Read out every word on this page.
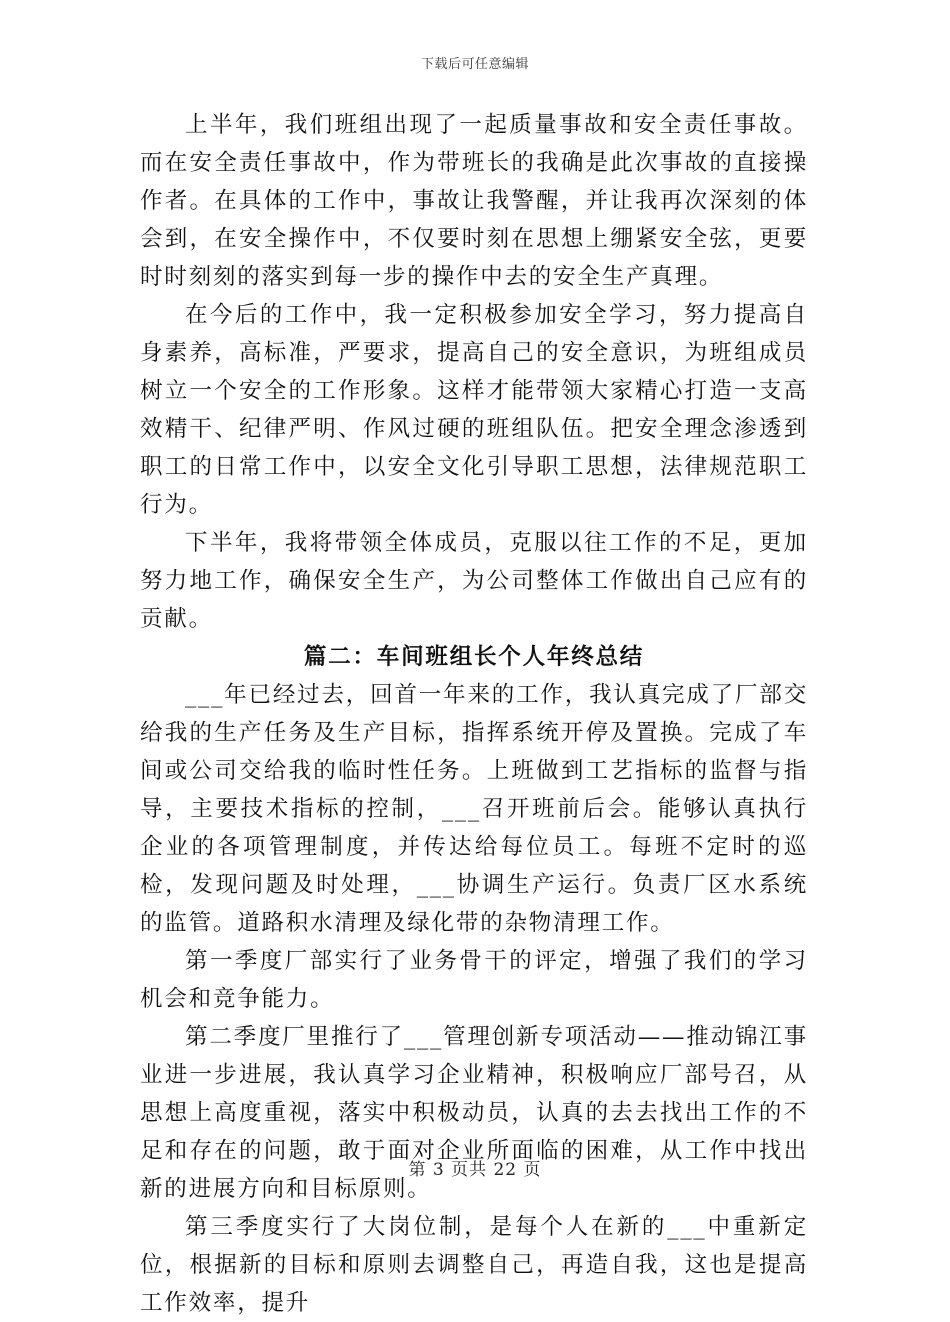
下载后可任意编辑

上半年，我们班组出现了一起质量事故和安全责任事故。而在安全责任事故中，作为带班长的我确是此次事故的直接操作者。在具体的工作中，事故让我警醒，并让我再次深刻的体会到，在安全操作中，不仅要时刻在思想上绷紧安全弦，更要时时刻刻的落实到每一步的操作中去的安全生产真理。

在今后的工作中，我一定积极参加安全学习，努力提高自身素养，高标准，严要求，提高自己的安全意识，为班组成员树立一个安全的工作形象。这样才能带领大家精心打造一支高效精干、纪律严明、作风过硬的班组队伍。把安全理念渗透到职工的日常工作中，以安全文化引导职工思想，法律规范职工行为。

下半年，我将带领全体成员，克服以往工作的不足，更加努力地工作，确保安全生产，为公司整体工作做出自己应有的贡献。

篇二：车间班组长个人年终总结

___年已经过去，回首一年来的工作，我认真完成了厂部交给我的生产任务及生产目标，指挥系统开停及置换。完成了车间或公司交给我的临时性任务。上班做到工艺指标的监督与指导，主要技术指标的控制，___召开班前后会。能够认真执行企业的各项管理制度，并传达给每位员工。每班不定时的巡检，发现问题及时处理，___协调生产运行。负责厂区水系统的监管。道路积水清理及绿化带的杂物清理工作。

第一季度厂部实行了业务骨干的评定，增强了我们的学习机会和竞争能力。

第二季度厂里推行了___管理创新专项活动——推动锦江事业进一步进展，我认真学习企业精神，积极响应厂部号召，从思想上高度重视，落实中积极动员，认真的去去找出工作的不足和存在的问题，敢于面对企业所面临的困难，从工作中找出新的进展方向和目标原则。

第三季度实行了大岗位制，是每个人在新的___中重新定位，根据新的目标和原则去调整自己，再造自我，这也是提高工作效率，提升

第 3 页共 22 页
